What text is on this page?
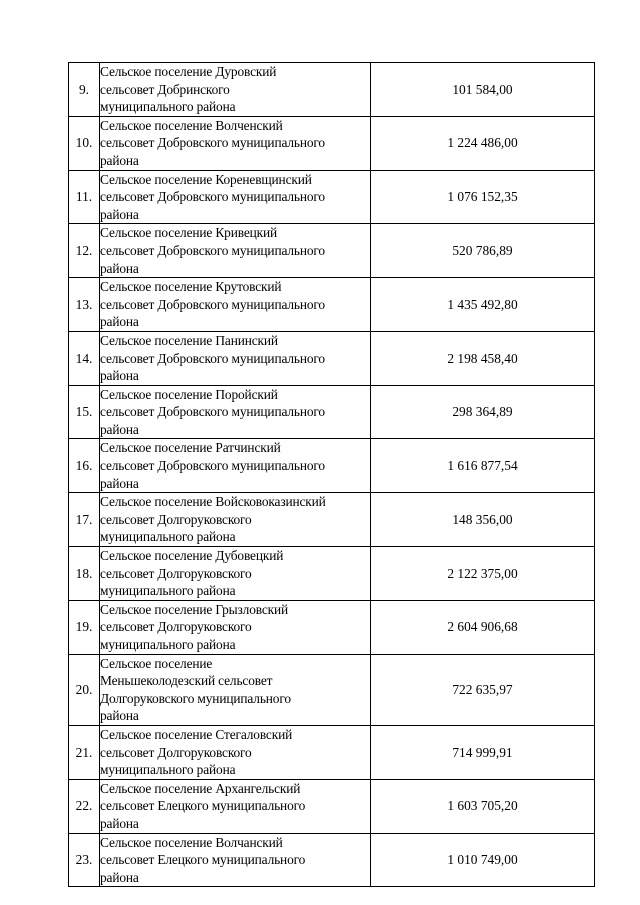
9.	Сельское поселение Дуровский
сельсовет Добринского
муниципального района	101 584,00
10.	Сельское поселение Волченский
сельсовет Добровского муниципального
района	1 224 486,00
11.	Сельское поселение Кореневщинский
сельсовет Добровского муниципального
района	1 076 152,35
12.	Сельское поселение Кривецкий
сельсовет Добровского муниципального
района	520 786,89
13.	Сельское поселение Крутовский
сельсовет Добровского муниципального
района	1 435 492,80
14.	Сельское поселение Панинский
сельсовет Добровского муниципального
района	2 198 458,40
15.	Сельское поселение Поройский
сельсовет Добровского муниципального
района	298 364,89
16.	Сельское поселение Ратчинский
сельсовет Добровского муниципального
района	1 616 877,54
17.	Сельское поселение Войсковоказинский
сельсовет Долгоруковского
муниципального района	148 356,00
18.	Сельское поселение Дубовецкий
сельсовет Долгоруковского
муниципального района	2 122 375,00
19.	Сельское поселение Грызловский
сельсовет Долгоруковского
муниципального района	2 604 906,68
20.	Сельское поселение
Меньшеколодезский сельсовет
Долгоруковского муниципального
района	722 635,97
21.	Сельское поселение Стегаловский
сельсовет Долгоруковского
муниципального района	714 999,91
22.	Сельское поселение Архангельский
сельсовет Елецкого муниципального
района	1 603 705,20
23.	Сельское поселение Волчанский
сельсовет Елецкого муниципального
района	1 010 749,00
